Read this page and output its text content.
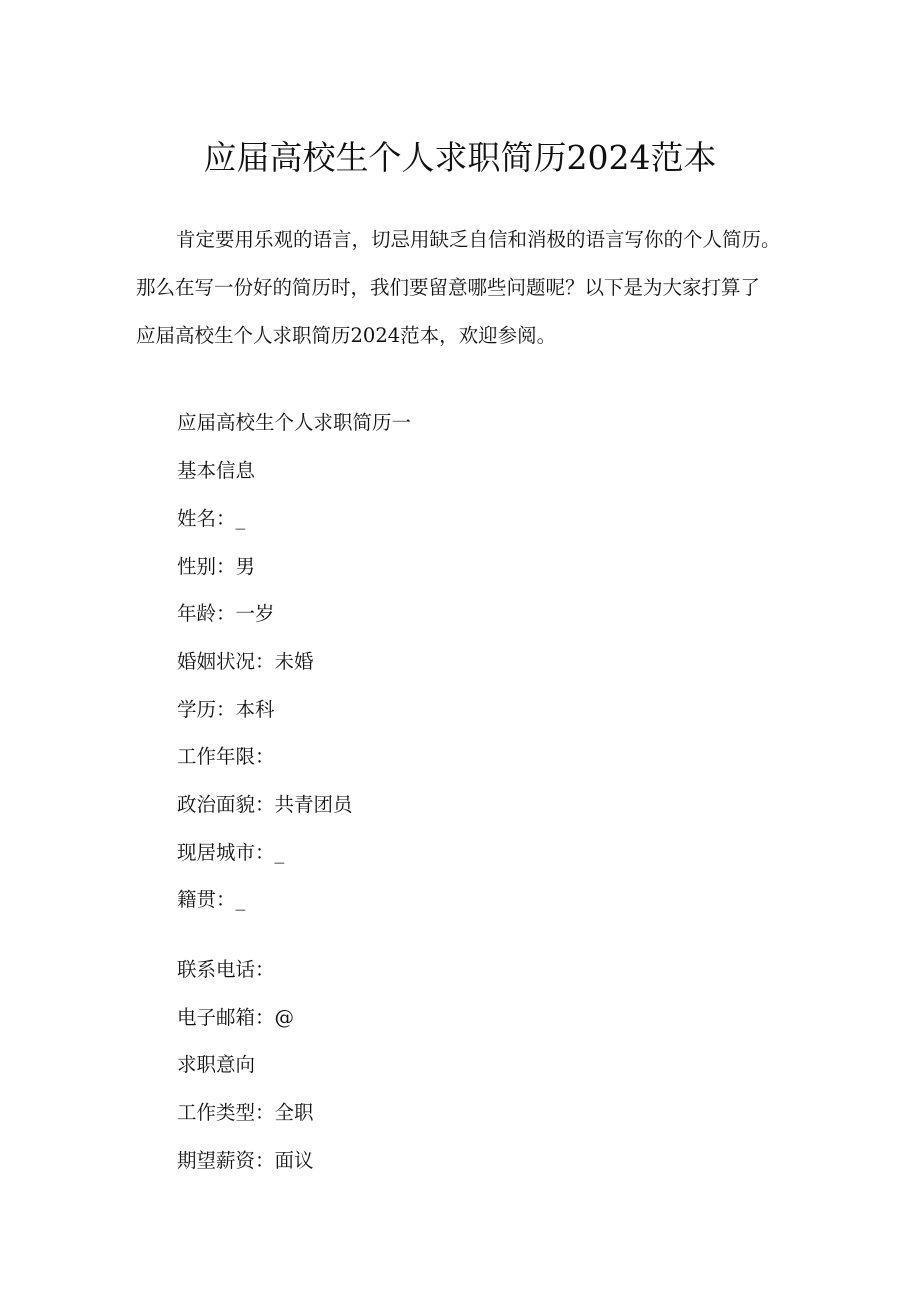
应届高校生个人求职简历2024范本

肯定要用乐观的语言，切忌用缺乏自信和消极的语言写你的个人简历。

那么在写一份好的简历时，我们要留意哪些问题呢？以下是为大家打算了

应届高校生个人求职简历2024范本，欢迎参阅。

应届高校生个人求职简历一
基本信息
姓名：_
性别：男
年龄：一岁
婚姻状况：未婚
学历：本科
工作年限：
政治面貌：共青团员
现居城市：_
籍贯：_
联系电话：
电子邮箱：@
求职意向
工作类型：全职
期望薪资：面议
